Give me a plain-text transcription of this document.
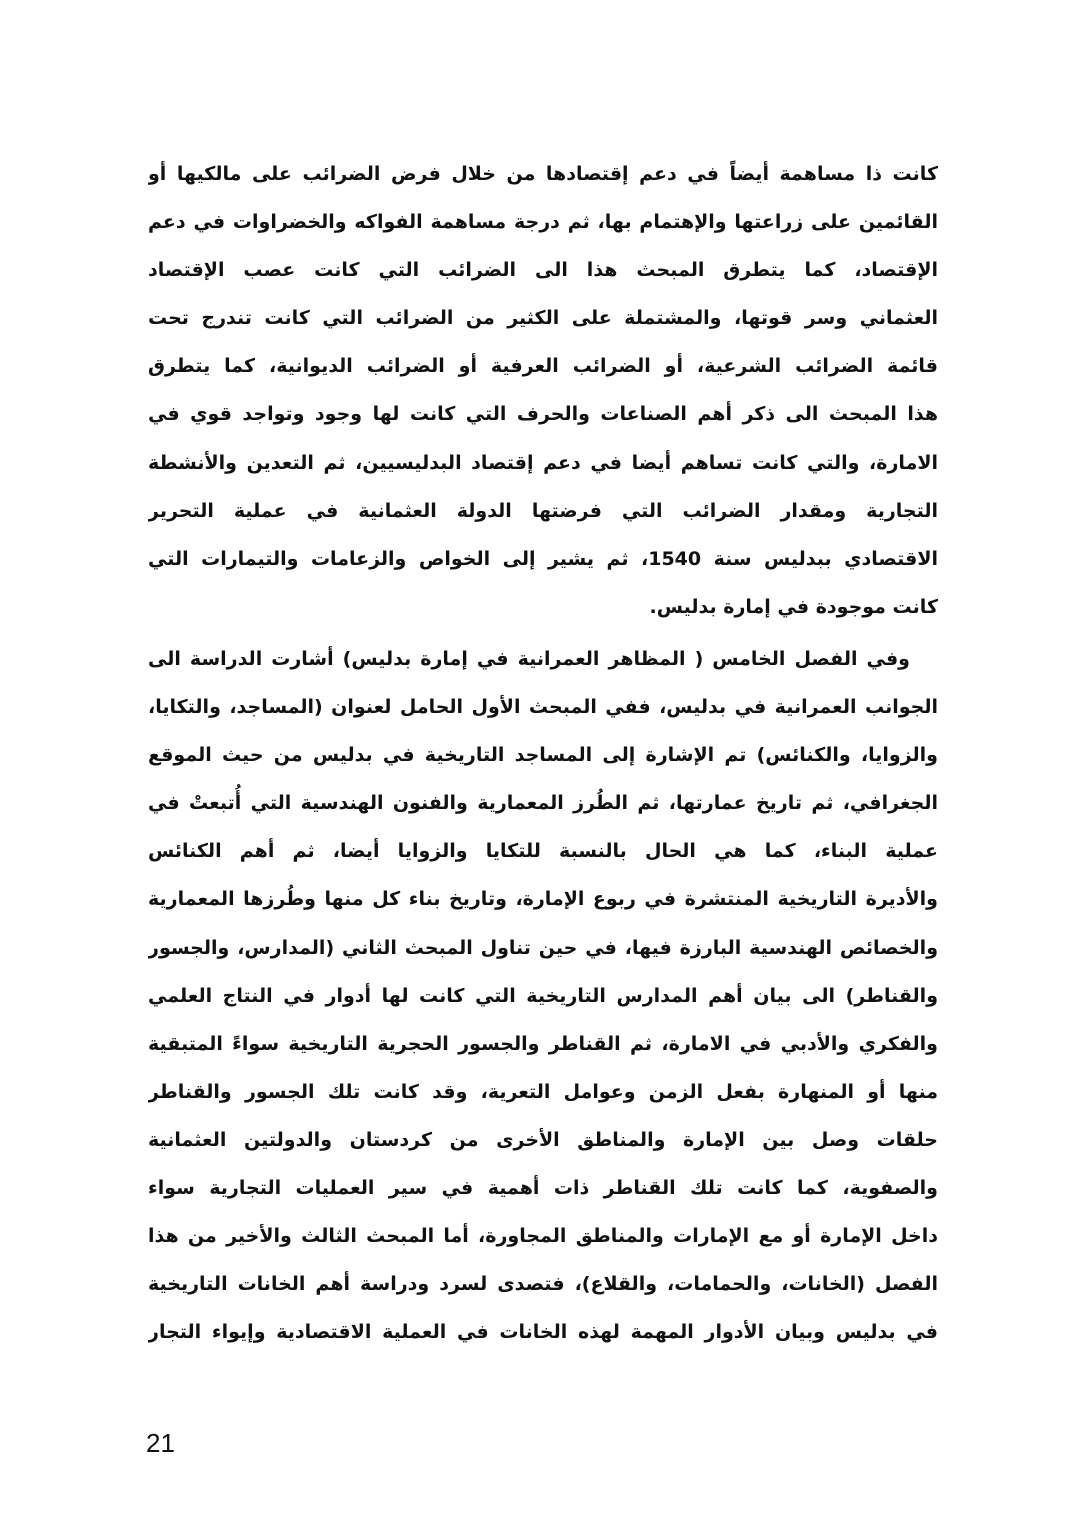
كانت ذا مساهمة أيضاً في دعم إقتصادها من خلال فرض الضرائب على مالكيها أو
القائمين على زراعتها والإهتمام بها، ثم درجة مساهمة الفواكه والخضراوات في دعم
الإقتصاد، كما يتطرق المبحث هذا الى الضرائب التي كانت عصب الإقتصاد
العثماني وسر قوتها، والمشتملة على الكثير من الضرائب التي كانت تندرج تحت
قائمة الضرائب الشرعية، أو الضرائب العرفية أو الضرائب الديوانية، كما يتطرق
هذا المبحث الى ذكر أهم الصناعات والحرف التي كانت لها وجود وتواجد قوي في
الامارة، والتي كانت تساهم أيضا في دعم إقتصاد البدليسيين، ثم التعدين والأنشطة
التجارية ومقدار الضرائب التي فرضتها الدولة العثمانية في عملية التحرير
الاقتصادي ببدليس سنة 1540، ثم يشير إلى الخواص والزعامات والتيمارات التي
كانت موجودة في إمارة بدليس.
وفي الفصل الخامس ( المظاهر العمرانية في إمارة بدليس) أشارت الدراسة الى
الجوانب العمرانية في بدليس، ففي المبحث الأول الحامل لعنوان (المساجد، والتكايا،
والزوايا، والكنائس) تم الإشارة إلى المساجد التاريخية في بدليس من حيث الموقع
الجغرافي، ثم تاريخ عمارتها، ثم الطُرز المعمارية والفنون الهندسية التي أُتبعتْ في
عملية البناء، كما هي الحال بالنسبة للتكايا والزوايا أيضا، ثم أهم الكنائس
والأديرة التاريخية المنتشرة في ربوع الإمارة، وتاريخ بناء كل منها وطُرزها المعمارية
والخصائص الهندسية البارزة فيها، في حين تناول المبحث الثاني (المدارس، والجسور
والقناطر) الى بيان أهم المدارس التاريخية التي كانت لها أدوار في النتاج العلمي
والفكري والأدبي في الامارة، ثم القناطر والجسور الحجرية التاريخية سواءً المتبقية
منها أو المنهارة بفعل الزمن وعوامل التعرية، وقد كانت تلك الجسور والقناطر
حلقات وصل بين الإمارة والمناطق الأخرى من كردستان والدولتين العثمانية
والصفوية، كما كانت تلك القناطر ذات أهمية في سير العمليات التجارية سواء
داخل الإمارة أو مع الإمارات والمناطق المجاورة، أما المبحث الثالث والأخير من هذا
الفصل (الخانات، والحمامات، والقلاع)، فتصدى لسرد ودراسة أهم الخانات التاريخية
في بدليس وبيان الأدوار المهمة لهذه الخانات في العملية الاقتصادية وإيواء التجار
21
